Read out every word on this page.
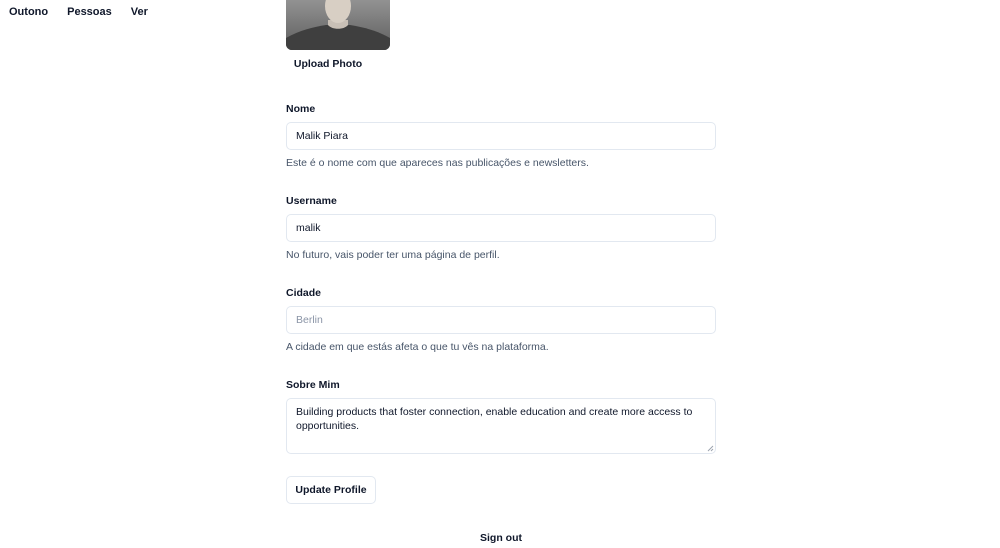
Outono Pessoas Ver
Upload Photo
Nome
Malik Piara
Este é o nome com que apareces nas publicações e newsletters.
Username
malik
No futuro, vais poder ter uma página de perfil.
Cidade
Berlin
A cidade em que estás afeta o que tu vês na plataforma.
Sobre Mim
Building products that foster connection, enable education and create more access to opportunities.
Update Profile
Sign out
